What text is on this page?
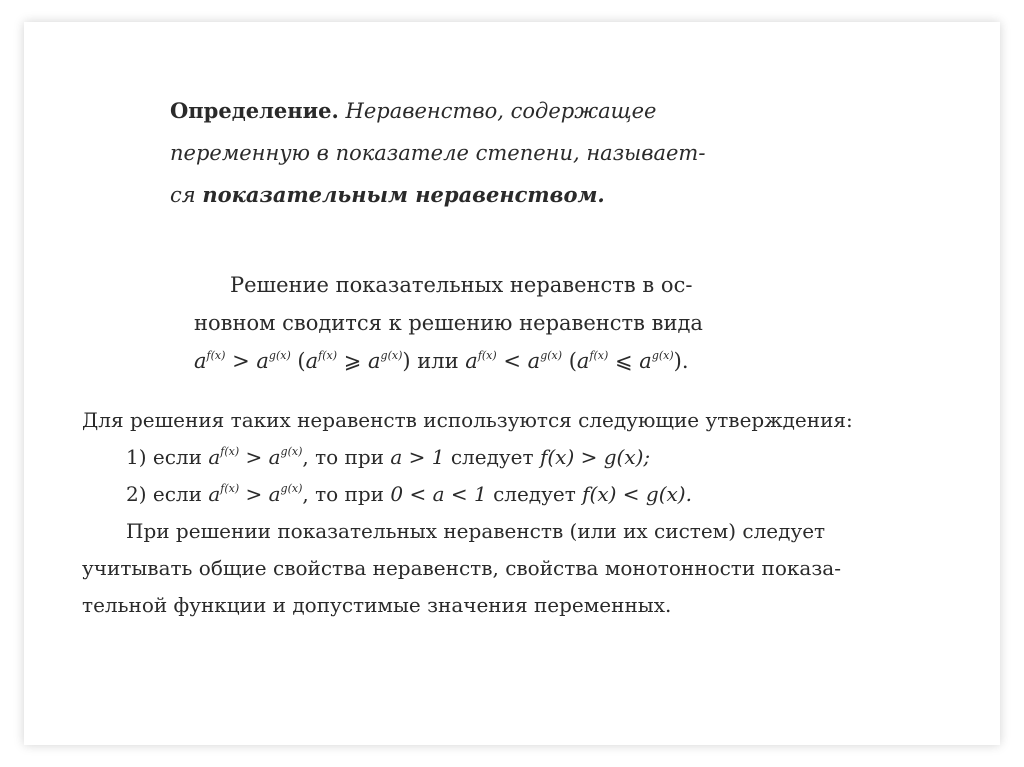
Определение. Неравенство, содержащее
переменную в показателе степени, называет-
ся показательным неравенством.
Решение показательных неравенств в ос-
новном сводится к решению неравенств вида
$a^{f(x)} > a^{g(x)}$ ($a^{f(x)}$ ⩾ $a^{g(x)}$) или $a^{f(x)} < a^{g(x)}$ ($a^{f(x)}$ ⩽ $a^{g(x)}$).
Для решения таких неравенств используются следующие утверждения:
1) если $a^{f(x)} > a^{g(x)}$, то при a > 1 следует f(x) > g(x);
2) если $a^{f(x)} > a^{g(x)}$, то при 0 < a < 1 следует f(x) < g(x).
При решении показательных неравенств (или их систем) следует
учитывать общие свойства неравенств, свойства монотонности показа-
тельной функции и допустимые значения переменных.
